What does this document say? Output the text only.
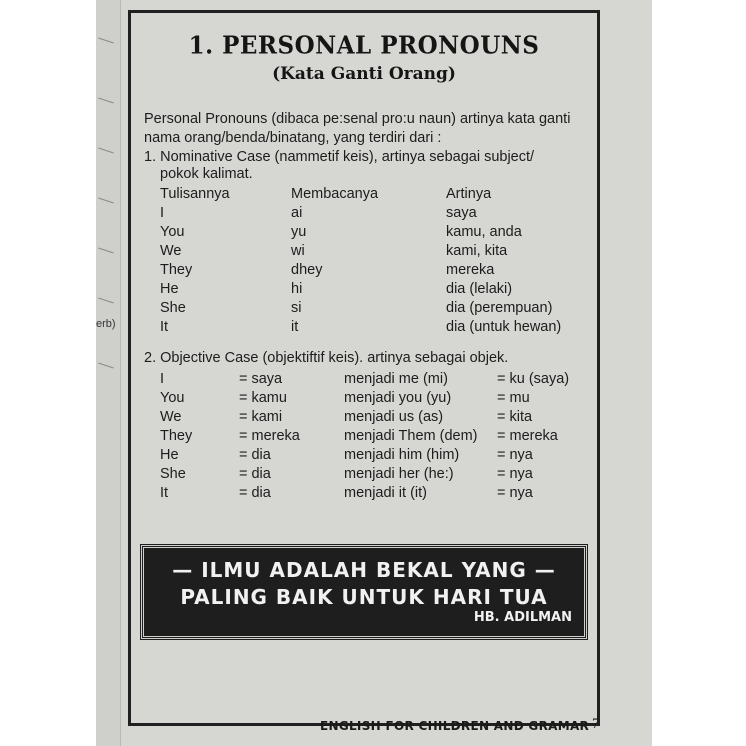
erb)
1. PERSONAL PRONOUNS
(Kata Ganti Orang)
Personal Pronouns (dibaca pe:senal pro:u naun) artinya kata ganti
nama orang/benda/binatang, yang terdiri dari :
1. Nominative Case (nammetif keis), artinya sebagai subject/
pokok kalimat.
Tulisannya	Membacanya	Artinya
I	ai	saya
You	yu	kamu, anda
We	wi	kami, kita
They	dhey	mereka
He	hi	dia (lelaki)
She	si	dia (perempuan)
It	it	dia (untuk hewan)
2. Objective Case (objektiftif keis). artinya sebagai objek.
I	= saya	menjadi me (mi)	= ku (saya)
You	= kamu	menjadi you (yu)	= mu
We	= kami	menjadi us (as)	= kita
They	= mereka	menjadi Them (dem) = mereka
He	= dia	menjadi him (him)	= nya
She	= dia	menjadi her (he:)	= nya
It	= dia	menjadi it (it)	= nya
— ILMU ADALAH BEKAL YANG —
PALING BAIK UNTUK HARI TUA
HB. ADILMAN
ENGLISH FOR CHILDREN AND GRAMAR 7
